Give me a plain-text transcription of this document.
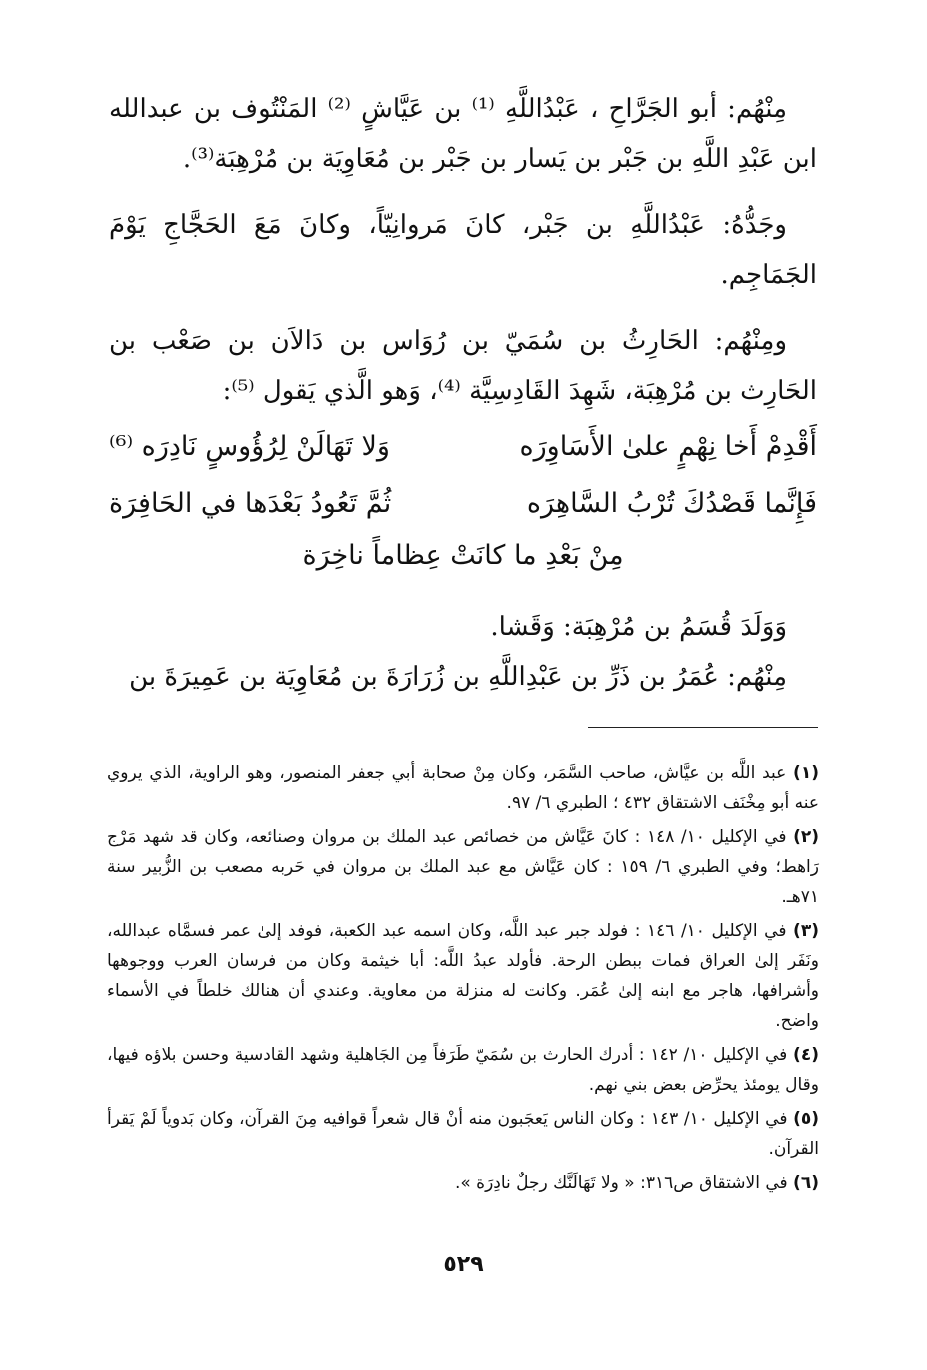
مِنْهُم: أبو الجَرَّاحِ ، عَبْدُاللَّهِ ⁽¹⁾ بن عَيَّاشٍ ⁽²⁾ المَنْتُوف بن عبدالله ابن عَبْدِ اللَّهِ بن جَبْر بن يَسار بن جَبْر بن مُعَاوِيَة بن مُرْهِبَة⁽³⁾.

وجَدُّهُ: عَبْدُاللَّهِ بن جَبْر، كانَ مَروانِيّاً، وكانَ مَعَ الحَجَّاجِ يَوْمَ الجَمَاجِم.

ومِنْهُم: الحَارِثُ بن سُمَيّ بن رُوَاس بن دَالاَن بن صَعْب بن الحَارِث بن مُرْهِبَة، شَهِدَ القَادِسِيَّة ⁽⁴⁾، وَهو الَّذي يَقول ⁽⁵⁾:

أَقْدِمْ أَخا نِهْمٍ علىٰ الأَسَاوِرَه
وَلا تَهَالَنْ لِرُؤُوسٍ نَادِرَه ⁽⁶⁾
فَإِنَّما قَصْدُكَ تُرْبُ السَّاهِرَه
ثُمَّ تَعُودُ بَعْدَها في الحَافِرَة
مِنْ بَعْدِ ما كانَتْ عِظاماً ناخِرَة

وَوَلَدَ قُسَمُ بن مُرْهِبَة: وَقَشا.

مِنْهُم: عُمَرُ بن ذَرِّ بن عَبْدِاللَّهِ بن زُرَارَةَ بن مُعَاوِيَة بن عَمِيرَةَ بن

(١) عبد اللَّه بن عيَّاش، صاحب السَّمَر، وكان مِنْ صحابة أبي جعفر المنصور، وهو الراوية، الذي يروي عنه أبو مِخْنَف الاشتقاق ٤٣٢ ؛ الطبري ٦/ ٩٧.

(٢) في الإكليل ١٠/ ١٤٨ : كانَ عَيَّاش من خصائص عبد الملك بن مروان وصنائعه، وكان قد شهد مَرْج رَاهط؛ وفي الطبري ٦/ ١٥٩ : كان عَيَّاش مع عبد الملك بن مروان في حَربه مصعب بن الزُّبير سنة ٧١هـ.

(٣) في الإكليل ١٠/ ١٤٦ : فولد جبر عبد اللَّه، وكان اسمه عبد الكعبة، فوفد إلىٰ عمر فسمَّاه عبدالله، ونَفَر إلىٰ العراق فمات ببطن الرحة. فأولد عبدُ اللَّه: أبا خيثمة وكان من فرسان العرب ووجوهها وأشرافها، هاجر مع ابنه إلىٰ عُمَر. وكانت له منزلة من معاوية. وعندي أن هنالك خلطاً في الأسماء واضح.

(٤) في الإكليل ١٠/ ١٤٢ : أدرك الحارث بن سُمَيّ طَرَفاً مِن الجَاهلية وشهد القادسية وحسن بلاؤه فيها، وقال يومئذ يحرِّض بعض بني نهم.

(٥) في الإكليل ١٠/ ١٤٣ : وكان الناس يَعجَبون منه أنْ قال شعراً قوافيه مِنَ القرآن، وكان بَدوياً لَمْ يَقرأ القرآن.

(٦) في الاشتقاق ص٣١٦: « ولا تَهَالَنَّك رجلٌ نادِرَة ».

٥٢٩
